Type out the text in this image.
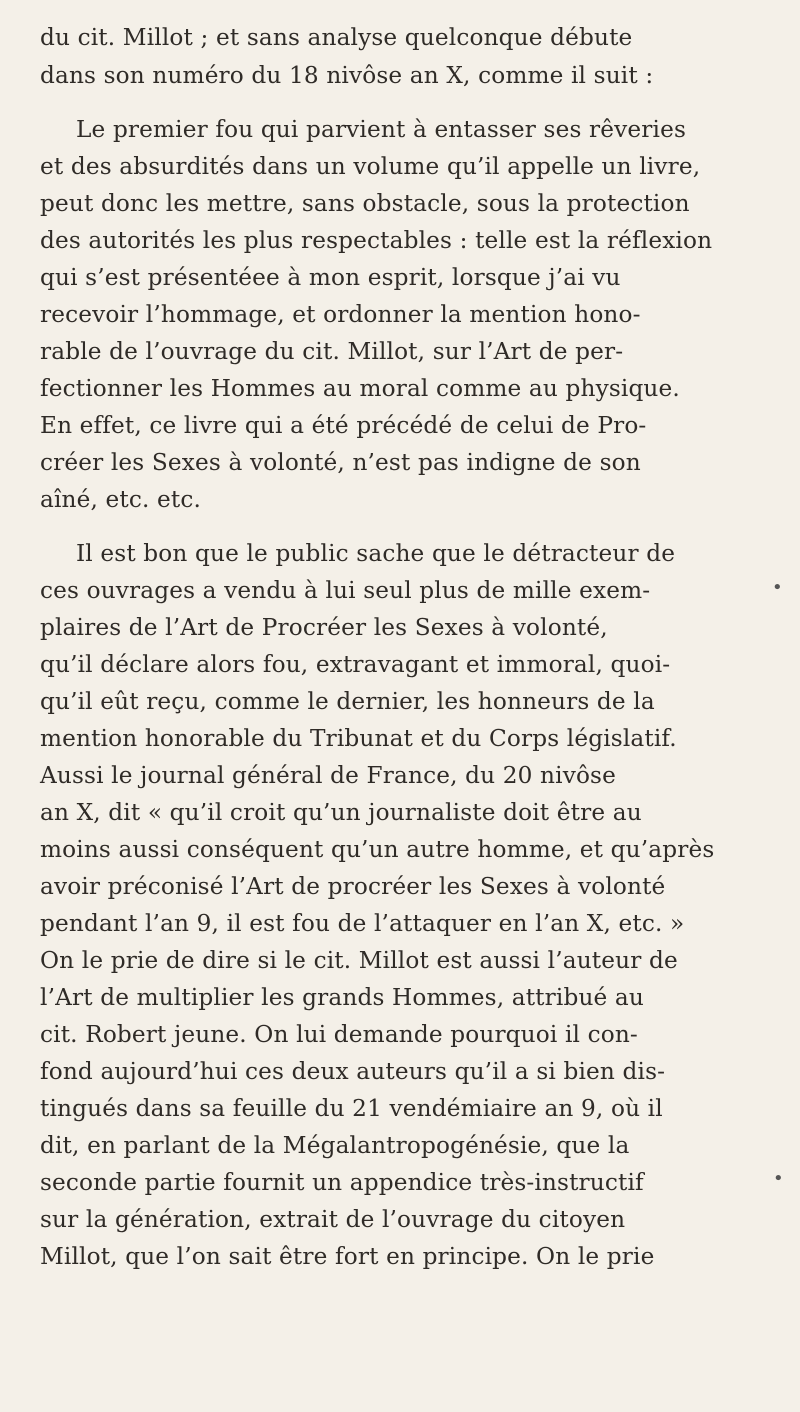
du cit. Millot ; et sans analyse quelconque débute
dans son numéro du 18 nivôse an X, comme il suit :
Le premier fou qui parvient à entasser ses rêveries
et des absurdités dans un volume qu’il appelle un livre,
peut donc les mettre, sans obstacle, sous la protection
des autorités les plus respectables : telle est la réflexion
qui s’est présentéee à mon esprit, lorsque j’ai vu
recevoir l’hommage, et ordonner la mention hono-
rable de l’ouvrage du cit. Millot, sur l’Art de per-
fectionner les Hommes au moral comme au physique.
En effet, ce livre qui a été précédé de celui de Pro-
créer les Sexes à volonté, n’est pas indigne de son
aîné, etc. etc.
Il est bon que le public sache que le détracteur de
ces ouvrages a vendu à lui seul plus de mille exem-
plaires de l’Art de Procréer les Sexes à volonté,
qu’il déclare alors fou, extravagant et immoral, quoi-
qu’il eût reçu, comme le dernier, les honneurs de la
mention honorable du Tribunat et du Corps législatif.
Aussi le journal général de France, du 20 nivôse
an X, dit « qu’il croit qu’un journaliste doit être au
moins aussi conséquent qu’un autre homme, et qu’après
avoir préconisé l’Art de procréer les Sexes à volonté
pendant l’an 9, il est fou de l’attaquer en l’an X, etc. »
On le prie de dire si le cit. Millot est aussi l’auteur de
l’Art de multiplier les grands Hommes, attribué au
cit. Robert jeune. On lui demande pourquoi il con-
fond aujourd’hui ces deux auteurs qu’il a si bien dis-
tingués dans sa feuille du 21 vendémiaire an 9, où il
dit, en parlant de la Mégalantropogénésie, que la
seconde partie fournit un appendice très-instructif
sur la génération, extrait de l’ouvrage du citoyen
Millot, que l’on sait être fort en principe. On le prie
•
•
